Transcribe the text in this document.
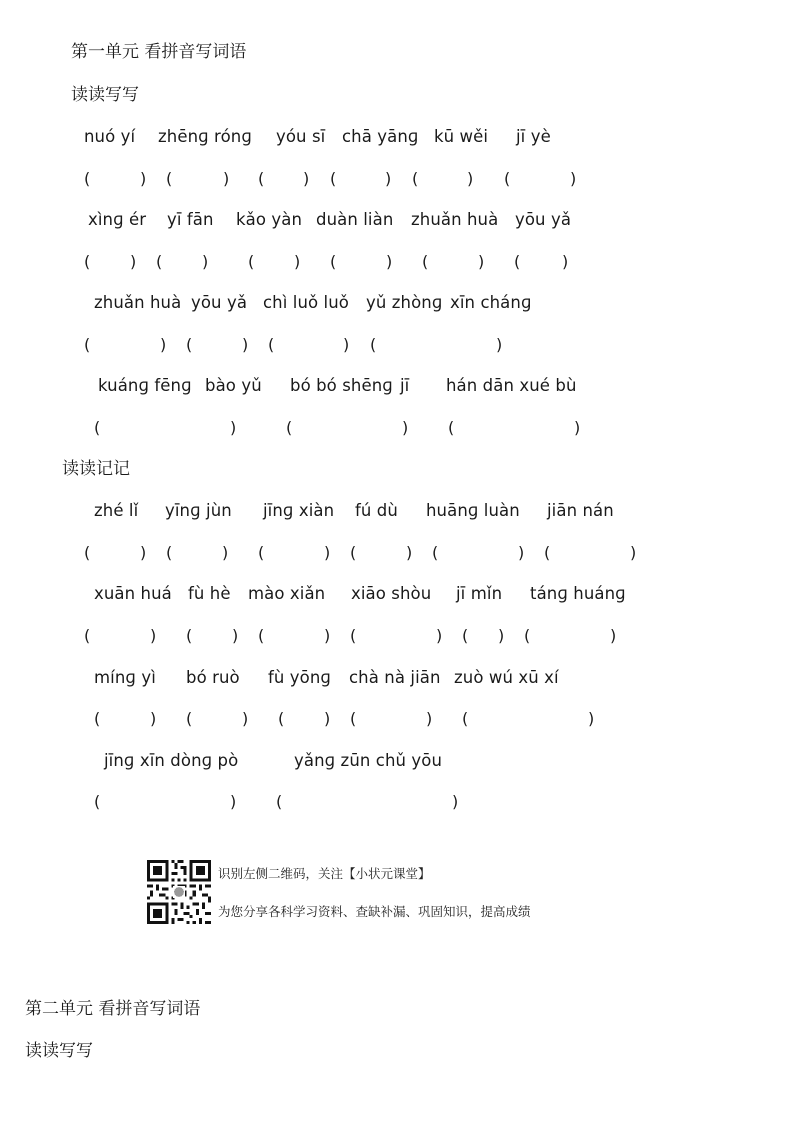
第一单元 看拼音写词语
读读写写
nuó yí zhēnɡ rónɡ yóu sī chā yānɡ kū wěi jī yè
(	) (	) ( ) (	) (	) (	)
xìnɡ ér yī fān kǎo yàn duàn liàn zhuǎn huà yōu yǎ
( ) ( ) ( ) (	) (	) (	)
zhuǎn huà yōu yǎ chì luǒ luǒ yǔ zhònɡ xīn chánɡ
(	) (	) (	) (	)
kuánɡ fēnɡ bào yǔ bó bó shēnɡ jī hán dān xué bù
(	)	(	) (	)
读读记记
zhé lǐ yīnɡ jùn jīnɡ xiàn fú dù huānɡ luàn jiān nán
(	) (	) (	) (	) (	) (	)
xuān huá fù hè mào xiǎn xiāo shòu jī mǐn tánɡ huánɡ
(	) ( ) (	) (	) ( ) (	)
mínɡ yì bó ruò fù yōnɡ chà nà jiān zuò wú xū xí
(	) (	) ( ) (	) (	)
jīnɡ xīn dònɡ pò	yǎnɡ zūn chǔ yōu
(	) (	)
识别左侧二维码，关注【小状元课堂】
为您分享各科学习资料、查缺补漏、巩固知识，提高成绩
第二单元 看拼音写词语
读读写写
